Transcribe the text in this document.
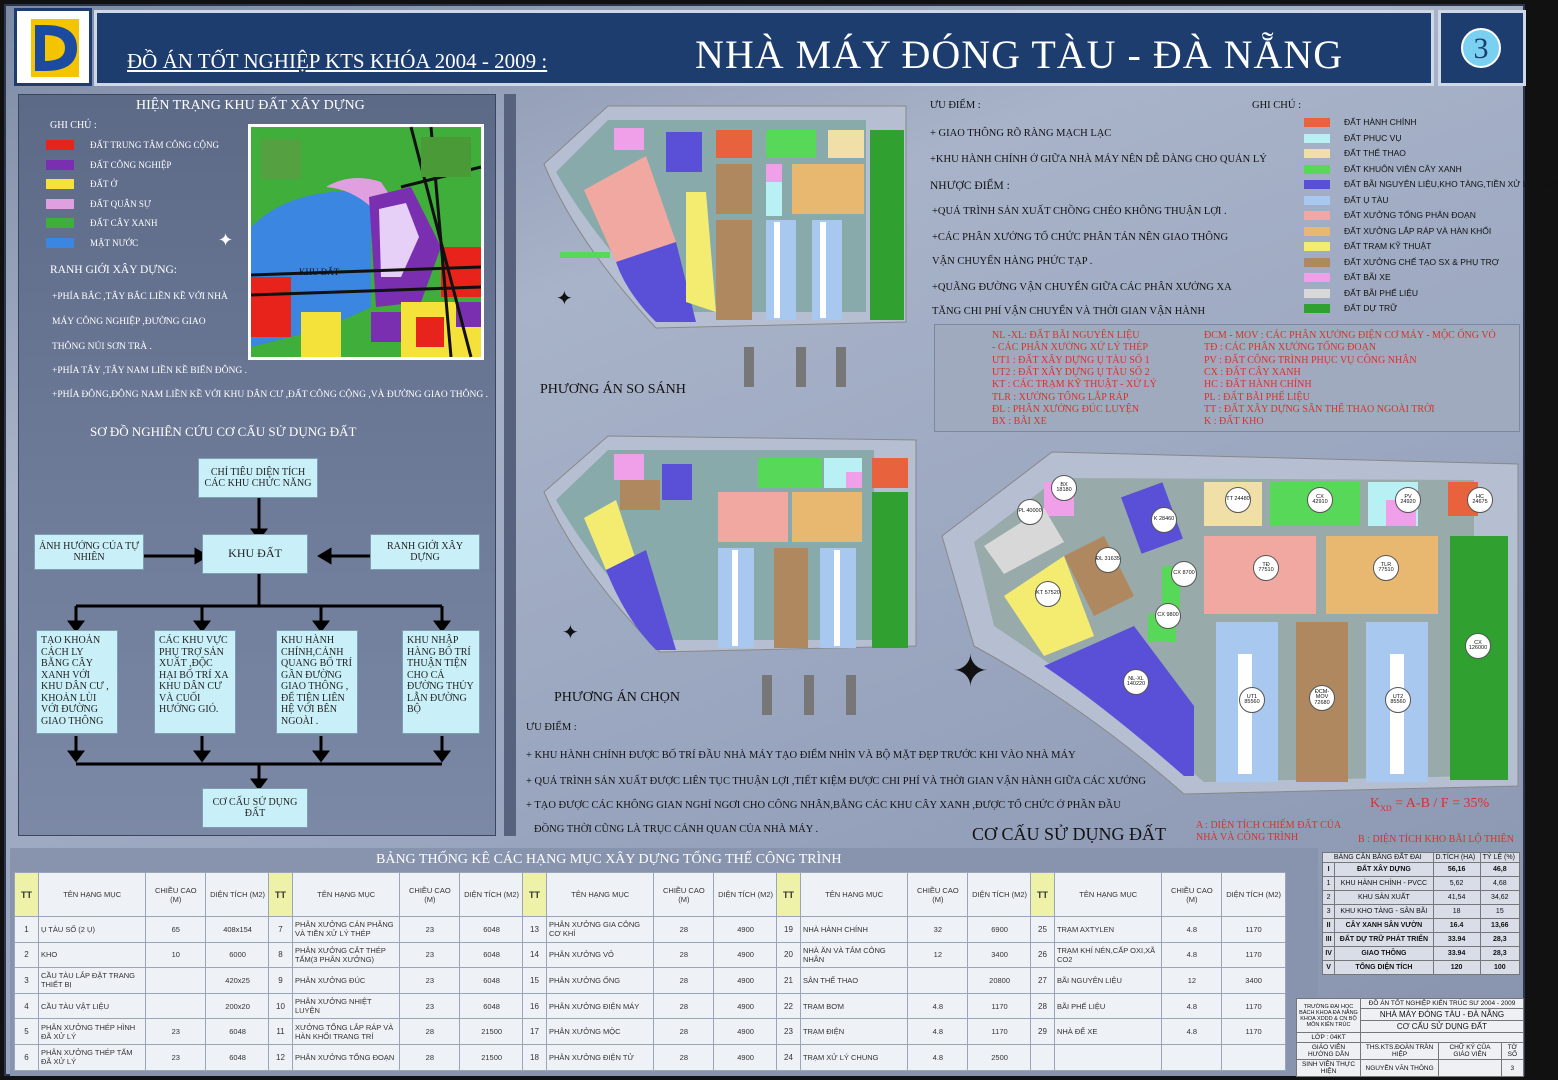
ĐỒ ÁN TỐT NGHIỆP KTS KHÓA 2004 - 2009 :	NHÀ MÁY ĐÓNG TÀU - ĐÀ NẴNG	3
HIỆN TRẠNG KHU ĐẤT XÂY DỰNG
GHI CHÚ :
ĐẤT TRUNG TÂM CÔNG CỘNG
ĐẤT CÔNG NGHIỆP
ĐẤT Ở
ĐẤT QUÂN SỰ
ĐẤT CÂY XANH
MẶT NƯỚC
KHU ĐẤT
✦
RANH GIỚI XÂY DỰNG:
+PHÍA BẮC ,TÂY BẮC LIỀN KỀ VỚI NHÀ
MÁY CÔNG NGHIỆP ,ĐƯỜNG GIAO
THÔNG NÚI SƠN TRÀ .
+PHÍA TÂY ,TÂY NAM LIỀN KỀ BIỂN ĐÔNG .
+PHÍA ĐÔNG,ĐÔNG NAM LIỀN KỀ VỚI KHU DÂN CƯ ,ĐẤT CÔNG CỘNG ,VÀ ĐƯỜNG GIAO THÔNG .
SƠ ĐỒ NGHIÊN CỨU CƠ CẤU SỬ DỤNG ĐẤT
CHỈ TIÊU DIỆN TÍCH CÁC KHU CHỨC NĂNG
ẢNH HƯỞNG CỦA TỰ NHIÊN	KHU ĐẤT
RANH GIỚI XÂY DỰNG
TẠO KHOẢN CÁCH LY BẰNG CÂY XANH VỚI KHU DÂN CƯ , KHOẢN LÙI VỚI ĐƯỜNG GIAO THÔNG
CÁC KHU VỰC PHỤ TRỢ SẢN XUẤT ,ĐỘC HẠI BỐ TRÍ XA KHU DÂN CƯ VÀ CUỐI HƯỚNG GIÓ.
KHU HÀNH CHÍNH,CẢNH QUANG BỐ TRÍ GẦN ĐƯỜNG GIAO THÔNG , ĐỂ TIỆN LIÊN HỆ VỚI BÊN NGOÀI .
KHU NHẬP HÀNG BỐ TRÍ THUẬN TIỆN CHO CẢ ĐƯỜNG THỦY LẪN ĐƯỜNG BỘ
CƠ CẤU SỬ DỤNG ĐẤT
✦
PHƯƠNG ÁN SO SÁNH
ƯU ĐIỂM :
+ GIAO THÔNG RÕ RÀNG MẠCH LẠC
+KHU HÀNH CHÍNH Ở GIỮA NHÀ MÁY NÊN DỄ DÀNG CHO QUẢN LÝ
NHƯỢC ĐIỂM :
+QUÁ TRÌNH SẢN XUẤT CHỒNG CHÉO KHÔNG THUẬN LỢI .
+CÁC PHÂN XƯỞNG TỔ CHỨC PHÂN TÁN NÊN GIAO THÔNG
VẬN CHUYỂN HÀNG PHỨC TẠP .
+QUÃNG ĐƯỜNG VẬN CHUYỂN GIỮA CÁC PHÂN XƯỞNG XA
TĂNG CHI PHÍ VẬN CHUYỂN VÀ THỜI GIAN VẬN HÀNH
GHI CHÚ :
ĐẤT HÀNH CHÍNH
ĐẤT PHỤC VỤ
ĐẤT THỂ THAO
ĐẤT KHUÔN VIÊN CÂY XANH
ĐẤT BÃI NGUYÊN LIỆU,KHO TÀNG,TIỀN XỬ LÝ THÉP
ĐẤT Ụ TÀU
ĐẤT XƯỞNG TỔNG PHÂN ĐOẠN
ĐẤT XƯỞNG LẮP RÁP VÀ HÀN KHỐI
ĐẤT TRẠM KỸ THUẬT
ĐẤT XƯỞNG CHẾ TẠO SX & PHỤ TRỢ
ĐẤT BÃI XE
ĐẤT BÃI PHẾ LIỆU
ĐẤT DỰ TRỮ
NL -XL: ĐẤT BÃI NGUYÊN LIỆU
- CÁC PHÂN XƯỞNG XỬ LÝ THÉP
UT1 : ĐẤT XÂY DỰNG Ụ TÀU SỐ 1
UT2 : ĐẤT XÂY DỰNG Ụ TÀU SỐ 2
KT : CÁC TRẠM KỸ THUẬT - XỬ LÝ
TLR : XƯỞNG TỔNG LẮP RÁP
ĐL : PHÂN XƯỞNG ĐÚC LUYỆN
BX : BÃI XE
ĐCM - MOV : CÁC PHÂN XƯỞNG ĐIỆN CƠ MÁY - MỘC ỐNG VỎ
TĐ : CÁC PHÂN XƯỞNG TỔNG ĐOẠN
PV : ĐẤT CÔNG TRÌNH PHỤC VỤ CÔNG NHÂN
CX : ĐẤT CÂY XANH
HC : ĐẤT HÀNH CHÍNH
PL : ĐẤT BÃI PHẾ LIỆU
TT : ĐẤT XÂY DỰNG SÂN THỂ THAO NGOÀI TRỜI
K : ĐẤT KHO
✦
PHƯƠNG ÁN CHỌN
BX 18180
PL 40000
K 28460
ĐL 31635
CX 8700
KT 57520
CX 9800
NL-XL 140220
TT 24480	CX 42910
PV 24920
HC 24675
TĐ 77510
TLR 77510
UT1 85560
ĐCM-MOV 72680
UT2 85560
CX 126000
✦
ƯU ĐIỂM :
+ KHU HÀNH CHÍNH ĐƯỢC BỐ TRÍ ĐẦU NHÀ MÁY TẠO ĐIỂM NHÌN VÀ BỘ MẶT ĐẸP TRƯỚC KHI VÀO NHÀ MÁY
+ QUÁ TRÌNH SẢN XUẤT ĐƯỢC LIÊN TỤC THUẬN LỢI ,TIẾT KIỆM ĐƯỢC CHI PHÍ VÀ THỜI GIAN VẬN HÀNH GIỮA CÁC XƯỞNG
+ TẠO ĐƯỢC CÁC KHÔNG GIAN NGHỈ NGƠI CHO CÔNG NHÂN,BẰNG CÁC KHU CÂY XANH ,ĐƯỢC TỔ CHỨC Ở PHẦN ĐẦU
ĐỒNG THỜI CŨNG LÀ TRỤC CẢNH QUAN CỦA NHÀ MÁY .	CƠ CẤU SỬ DỤNG ĐẤT
$K_{XD} = A-B / F = 35\%$
A : DIỆN TÍCH CHIẾM ĐẤT CỦA NHÀ VÀ CÔNG TRÌNH	B : DIỆN TÍCH KHO BÃI LỘ THIÊN
BẢNG THỐNG KÊ CÁC HẠNG MỤC XÂY DỰNG TỔNG THỂ CÔNG TRÌNH
TT	TÊN HẠNG MỤC	CHIỀU CAO (M)	DIỆN TÍCH (M2)
1	Ụ TÀU SỐ (2 Ụ)	65	408x154
2	KHO	10	6000
3	CẦU TÀU LẮP ĐẶT TRANG THIẾT BỊ		420x25
4	CẦU TÀU VẬT LIỆU		200x20
5	PHÂN XƯỞNG THÉP HÌNH ĐÃ XỬ LÝ	23	6048
6	PHÂN XƯỞNG THÉP TẤM ĐÃ XỬ LÝ	23	6048
TT	TÊN HẠNG MỤC	CHIỀU CAO (M)	DIỆN TÍCH (M2)
7	PHÂN XƯỞNG CÁN PHẲNG VÀ TIỀN XỬ LÝ THÉP	23	6048
8	PHÂN XƯỞNG CẮT THÉP TẤM(3 PHÂN XƯỞNG)	23	6048
9	PHÂN XƯỞNG ĐÚC	23	6048
10	PHÂN XƯỞNG NHIỆT LUYỆN	23	6048
11	XƯỞNG TỔNG LẮP RÁP VÀ HÀN KHỐI TRANG TRÍ	28	21500
12	PHÂN XƯỞNG TỔNG ĐOẠN	28	21500
TT	TÊN HẠNG MỤC	CHIỀU CAO (M)	DIỆN TÍCH (M2)
13	PHÂN XƯỞNG GIA CÔNG CƠ KHÍ	28	4900
14	PHÂN XƯỞNG VỎ	28	4900
15	PHÂN XƯỞNG ỐNG	28	4900
16	PHÂN XƯỞNG ĐIỆN MÁY	28	4900
17	PHÂN XƯỞNG MỘC	28	4900
18	PHÂN XƯỞNG ĐIỆN TỬ	28	4900
TT	TÊN HẠNG MỤC	CHIỀU CAO (M)	DIỆN TÍCH (M2)
19	NHÀ HÀNH CHÍNH	32	6900
20	NHÀ ĂN VÀ TẮM CÔNG NHÂN	12	3400
21	SÂN THỂ THAO		20800
22	TRẠM BƠM	4.8	1170
23	TRẠM ĐIỆN	4.8	1170
24	TRẠM XỬ LÝ CHUNG	4.8	2500
TT	TÊN HẠNG MỤC	CHIỀU CAO (M)	DIỆN TÍCH (M2)
25	TRẠM AXTYLEN	4.8	1170
26	TRẠM KHÍ NÉN,CẤP OXI,XÃ CO2	4.8	1170
27	BÃI NGUYÊN LIỆU	12	3400
28	BÃI PHẾ LIỆU	4.8	1170
29	NHÀ ĐỂ XE	4.8	1170

BẢNG CÂN BẰNG ĐẤT ĐAI		D.TÍCH (HA)	TỶ LỆ (%)
I	ĐẤT XÂY DỰNG	56,16	46,8
1	KHU HÀNH CHÍNH - PVCC	5,62	4,68
2	KHU SẢN XUẤT	41,54	34,62
3	KHU KHO TÀNG - SÂN BÃI	18	15
II	CÂY XANH SÂN VƯỜN	16.4	13,66
III	ĐẤT DỰ TRỮ PHÁT TRIỂN	33.94	28,3
IV	GIAO THÔNG	33.94	28,3
V	TỔNG DIỆN TÍCH	120	100
TRƯỜNG ĐẠI HỌC BÁCH KHOA ĐÀ NẴNG KHOA XDDD & CN BỘ MÔN KIẾN TRÚC	ĐỒ ÁN TỐT NGHIỆP KIẾN TRÚC SƯ 2004 - 2009		
	NHÀ MÁY ĐÓNG TÀU - ĐÀ NẴNG		
	CƠ CẤU SỬ DỤNG ĐẤT		
LỚP : 04KT			
GIÁO VIÊN HƯỚNG DẪN	THS.KTS.ĐOÀN TRẦN HIỆP	CHỮ KÝ CỦA GIÁO VIÊN	TỜ SỐ
SINH VIÊN THỰC HIỆN	NGUYỄN VĂN THÔNG		3
